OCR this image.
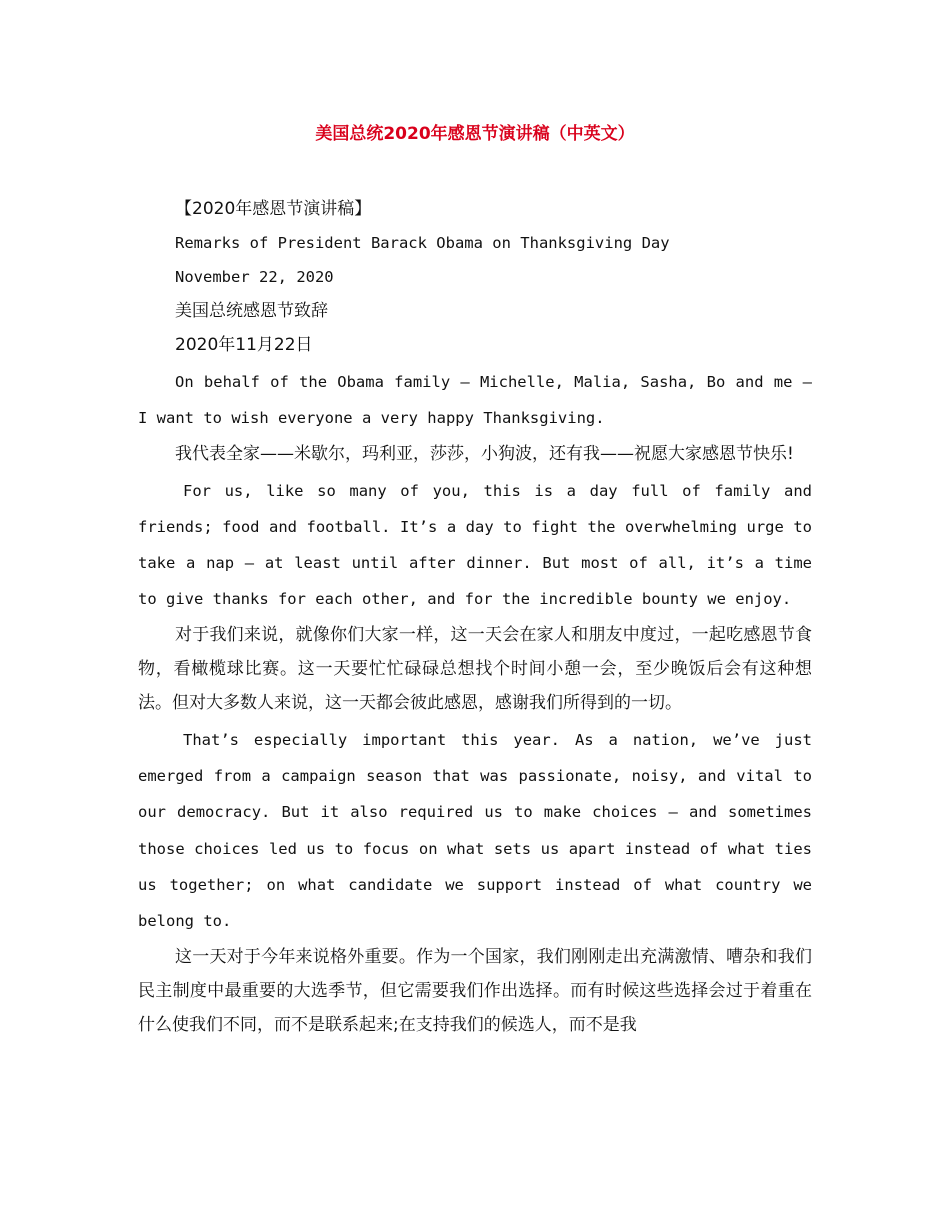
美国总统2020年感恩节演讲稿（中英文）

【2020年感恩节演讲稿】

Remarks of President Barack Obama on Thanksgiving Day

November 22, 2020

美国总统感恩节致辞

2020年11月22日

On behalf of the Obama family – Michelle, Malia, Sasha, Bo and me – I want to wish everyone a very happy Thanksgiving.

我代表全家——米歇尔，玛利亚，莎莎，小狗波，还有我——祝愿大家感恩节快乐!

For us, like so many of you, this is a day full of family and friends; food and football. It’s a day to fight the overwhelming urge to take a nap – at least until after dinner. But most of all, it’s a time to give thanks for each other, and for the incredible bounty we enjoy.

对于我们来说，就像你们大家一样，这一天会在家人和朋友中度过，一起吃感恩节食物，看橄榄球比赛。这一天要忙忙碌碌总想找个时间小憩一会，至少晚饭后会有这种想法。但对大多数人来说，这一天都会彼此感恩，感谢我们所得到的一切。

That’s especially important this year. As a nation, we’ve just emerged from a campaign season that was passionate, noisy, and vital to our democracy. But it also required us to make choices – and sometimes those choices led us to focus on what sets us apart instead of what ties us together; on what candidate we support instead of what country we belong to.

这一天对于今年来说格外重要。作为一个国家，我们刚刚走出充满激情、嘈杂和我们民主制度中最重要的大选季节，但它需要我们作出选择。而有时候这些选择会过于着重在什么使我们不同，而不是联系起来;在支持我们的候选人，而不是我
